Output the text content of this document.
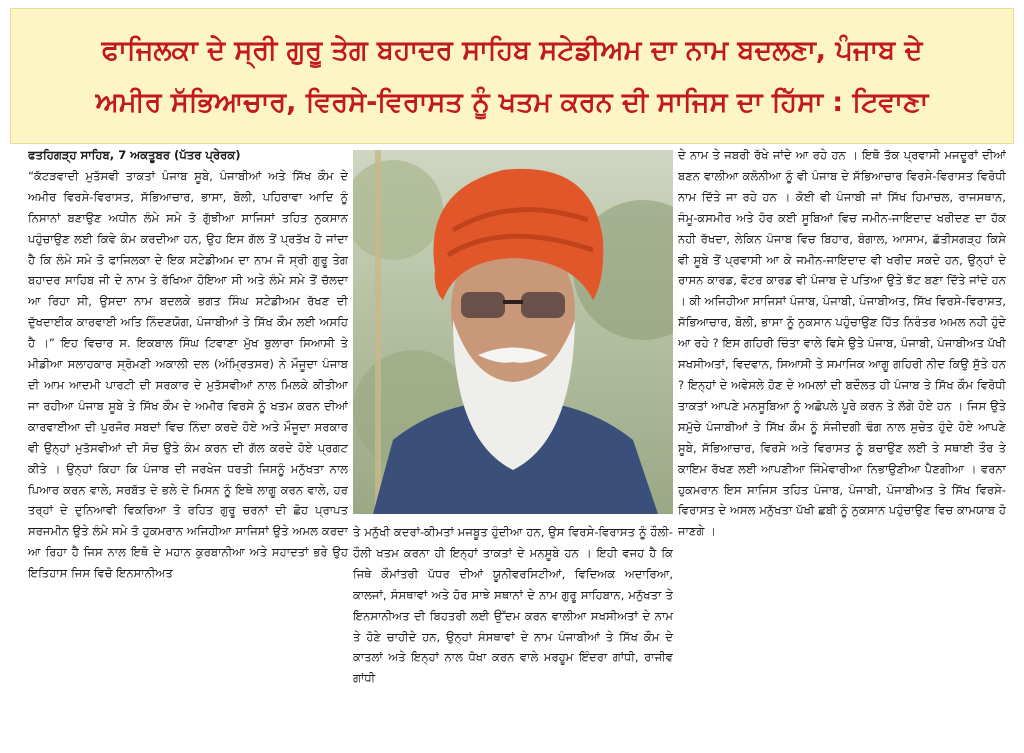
ਫਾਜਿਲਕਾ ਦੇ ਸ੍ਰੀ ਗੁਰੂ ਤੇਗ ਬਹਾਦਰ ਸਾਹਿਬ ਸਟੇਡੀਅਮ ਦਾ ਨਾਮ ਬਦਲਣਾ, ਪੰਜਾਬ ਦੇ
ਅਮੀਰ ਸੱਭਿਆਚਾਰ, ਵਿਰਸੇ-ਵਿਰਾਸਤ ਨੂੰ ਖਤਮ ਕਰਨ ਦੀ ਸਾਜਿਸ ਦਾ ਹਿੱਸਾ : ਟਿਵਾਣਾ
ਫਤਹਿਗੜ੍ਹ ਸਾਹਿਬ, 7 ਅਕਤੂਬਰ (ਪੱਤਰ ਪ੍ਰੇਰਕ)
“ਕੱਟੜਵਾਦੀ ਮੁਤੱਸਵੀ ਤਾਕਤਾਂ ਪੰਜਾਬ ਸੂਬੇ, ਪੰਜਾਬੀਆਂ ਅਤੇ ਸਿੱਖ ਕੌਮ ਦੇ ਅਮੀਰ ਵਿਰਸੇ-ਵਿਰਾਸਤ, ਸੱਭਿਆਚਾਰ, ਭਾਸਾ, ਬੋਲੀ, ਪਹਿਰਾਵਾ ਆਦਿ ਨੂੰ ਨਿਸਾਨਾਂ ਬਣਾਉਣ ਅਧੀਨ ਲੰਮੇ ਸਮੇ ਤੋ ਗੁੱਝੀਆ ਸਾਜਿਸਾਂ ਤਹਿਤ ਨੁਕਸਾਨ ਪਹੁੰਚਾਉਣ ਲਈ ਕਿਵੇ ਕੰਮ ਕਰਦੀਆ ਹਨ, ਉਹ ਇਸ ਗੱਲ ਤੋਂ ਪ੍ਰਤੱਖ ਹੋ ਜਾਂਦਾ ਹੈ ਕਿ ਲੰਮੇ ਸਮੇ ਤੋ ਫਾਜਿਲਕਾ ਦੇ ਇਕ ਸਟੇਡੀਅਮ ਦਾ ਨਾਮ ਜੋ ਸ੍ਰੀ ਗੁਰੂ ਤੇਗ ਬਹਾਦਰ ਸਾਹਿਬ ਜੀ ਦੇ ਨਾਮ ਤੇ ਰੱਖਿਆ ਹੋਇਆ ਸੀ ਅਤੇ ਲੰਮੇ ਸਮੇ ਤੋਂ ਚੱਲਦਾ ਆ ਰਿਹਾ ਸੀ, ਉਸਦਾ ਨਾਮ ਬਦਲਕੇ ਭਗਤ ਸਿੰਘ ਸਟੇਡੀਅਮ ਰੱਖਣ ਦੀ ਦੁੱਖਦਾਈਕ ਕਾਰਵਾਈ ਅਤਿ ਨਿੰਦਣਯੋਗ, ਪੰਜਾਬੀਆਂ ਤੇ ਸਿੱਖ ਕੌਮ ਲਈ ਅਸਹਿ ਹੈ ।” ਇਹ ਵਿਚਾਰ ਸ. ਇਕਬਾਲ ਸਿੰਘ ਟਿਵਾਣਾ ਮੁੱਖ ਬੁਲਾਰਾ ਸਿਆਸੀ ਤੇ ਮੀਡੀਆ ਸਲਾਹਕਾਰ ਸ੍ਰੋਮਣੀ ਅਕਾਲੀ ਦਲ (ਅੰਮ੍ਰਿਤਸਰ) ਨੇ ਮੌਜੂਦਾ ਪੰਜਾਬ ਦੀ ਆਮ ਆਦਮੀ ਪਾਰਟੀ ਦੀ ਸਰਕਾਰ ਦੇ ਮੁਤੱਸਵੀਆਂ ਨਾਲ ਮਿਲਕੇ ਕੀਤੀਆ ਜਾ ਰਹੀਆ ਪੰਜਾਬ ਸੂਬੇ ਤੇ ਸਿੱਖ ਕੌਮ ਦੇ ਅਮੀਰ ਵਿਰਸੇ ਨੂੰ ਖਤਮ ਕਰਨ ਦੀਆਂ ਕਾਰਵਾਈਆ ਦੀ ਪੁਰਜੋਰ ਸਬਦਾਂ ਵਿਚ ਨਿੰਦਾ ਕਰਦੇ ਹੋਏ ਅਤੇ ਮੌਜੂਦਾ ਸਰਕਾਰ ਵੀ ਉਨ੍ਹਾਂ ਮੁਤੱਸਵੀਆਂ ਦੀ ਸੋਚ ਉਤੇ ਕੰਮ ਕਰਨ ਦੀ ਗੱਲ ਕਰਦੇ ਹੋਏ ਪ੍ਰਗਟ ਕੀਤੇ । ਉਨ੍ਹਾਂ ਕਿਹਾ ਕਿ ਪੰਜਾਬ ਦੀ ਜਰਖੇਜ ਧਰਤੀ ਜਿਸਨੂੰ ਮਨੁੱਖਤਾ ਨਾਲ ਪਿਆਰ ਕਰਨ ਵਾਲੇ, ਸਰਬੱਤ ਦੇ ਭਲੇ ਦੇ ਮਿਸਨ ਨੂੰ ਇਥੇ ਲਾਗੂ ਕਰਨ ਵਾਲੇ, ਹਰ ਤਰ੍ਹਾਂ ਦੇ ਦੁਨਿਆਵੀ ਵਿਕਰਿਆ ਤੋ ਰਹਿਤ ਗੁਰੂ ਚਰਨਾਂ ਦੀ ਛੋਹ ਪ੍ਰਾਪਤ ਸਰਜਮੀਨ ਉਤੇ ਲੰਮੇ ਸਮੇ ਤੋ ਹੁਕਮਰਾਨ ਅਜਿਹੀਆ ਸਾਜਿਸਾਂ ਉਤੇ ਅਮਲ ਕਰਦਾ ਆ ਰਿਹਾ ਹੈ ਜਿਸ ਨਾਲ ਇਥੋ ਦੇ ਮਹਾਨ ਕੁਰਬਾਨੀਆ ਅਤੇ ਸਹਾਦਤਾਂ ਭਰੇ ਉਹ ਇਤਿਹਾਸ ਜਿਸ ਵਿਚੋ ਇਨਸਾਨੀਅਤ
ਤੇ ਮਨੁੱਖੀ ਕਦਰਾਂ-ਕੀਮਤਾਂ ਮਜਬੂਤ ਹੁੰਦੀਆ ਹਨ, ਉਸ ਵਿਰਸੇ-ਵਿਰਾਸਤ ਨੂੰ ਹੌਲੀ-ਹੌਲੀ ਖਤਮ ਕਰਨਾ ਹੀ ਇਨ੍ਹਾਂ ਤਾਕਤਾਂ ਦੇ ਮਨਸੂਬੇ ਹਨ । ਇਹੀ ਵਜਹ ਹੈ ਕਿ ਜਿਥੇ ਕੌਮਾਂਤਰੀ ਪੱਧਰ ਦੀਆਂ ਯੂਨੀਵਰਸਿਟੀਆਂ, ਵਿਦਿਅਕ ਅਦਾਰਿਆ, ਕਾਲਜਾਂ, ਸੰਸਥਾਵਾਂ ਅਤੇ ਹੋਰ ਸਾਝੇ ਸਥਾਨਾਂ ਦੇ ਨਾਮ ਗੁਰੂ ਸਾਹਿਬਾਨ, ਮਨੁੱਖਤਾ ਤੇ ਇਨਸਾਨੀਅਤ ਦੀ ਬਿਹਤਰੀ ਲਈ ਉੱਦਮ ਕਰਨ ਵਾਲੀਆ ਸਖਸੀਅਤਾਂ ਦੇ ਨਾਮ ਤੇ ਹੋਣੇ ਚਾਹੀਦੇ ਹਨ, ਉਨ੍ਹਾਂ ਸੰਸਥਾਵਾਂ ਦੇ ਨਾਮ ਪੰਜਾਬੀਆਂ ਤੇ ਸਿੱਖ ਕੌਮ ਦੇ ਕਾਤਲਾਂ ਅਤੇ ਇਨ੍ਹਾਂ ਨਾਲ ਧੋਖਾ ਕਰਨ ਵਾਲੇ ਮਰਹੂਮ ਇੰਦਰਾ ਗਾਂਧੀ, ਰਾਜੀਵ ਗਾਂਧੀ
ਦੇ ਨਾਮ ਤੇ ਜਬਰੀ ਰੱਖੇ ਜਾਂਦੇ ਆ ਰਹੇ ਹਨ । ਇਥੋ ਤੱਕ ਪ੍ਰਵਾਸੀ ਮਜਦੂਰਾਂ ਦੀਆਂ ਬਣਨ ਵਾਲੀਆ ਕਲੋਨੀਆ ਨੂੰ ਵੀ ਪੰਜਾਬ ਦੇ ਸੱਭਿਆਚਾਰ ਵਿਰਸੇ-ਵਿਰਾਸਤ ਵਿਰੋਧੀ ਨਾਮ ਦਿੱਤੇ ਜਾ ਰਹੇ ਹਨ । ਕੋਈ ਵੀ ਪੰਜਾਬੀ ਜਾਂ ਸਿੱਖ ਹਿਮਾਚਲ, ਰਾਜਸਥਾਨ, ਜੰਮੂ-ਕਸਮੀਰ ਅਤੇ ਹੋਰ ਕਈ ਸੂਬਿਆਂ ਵਿਚ ਜਮੀਨ-ਜਾਇਦਾਦ ਖਰੀਦਣ ਦਾ ਹੱਕ ਨਹੀ ਰੱਖਦਾ, ਲੇਕਿਨ ਪੰਜਾਬ ਵਿਚ ਬਿਹਾਰ, ਬੰਗਾਲ, ਆਸਾਮ, ਛੱਤੀਸਗੜ੍ਹ ਕਿਸੇ ਵੀ ਸੂਬੇ ਤੋਂ ਪ੍ਰਵਾਸੀ ਆ ਕੇ ਜਮੀਨ-ਜਾਇਦਾਦ ਵੀ ਖਰੀਦ ਸਕਦੇ ਹਨ, ਉਨ੍ਹਾਂ ਦੇ ਰਾਸਨ ਕਾਰਡ, ਵੋਟਰ ਕਾਰਡ ਵੀ ਪੰਜਾਬ ਦੇ ਪਤਿਆ ਉਤੇ ਝੱਟ ਬਣਾ ਦਿੱਤੇ ਜਾਂਦੇ ਹਨ । ਕੀ ਅਜਿਹੀਆ ਸਾਜਿਸਾਂ ਪੰਜਾਬ, ਪੰਜਾਬੀ, ਪੰਜਾਬੀਅਤ, ਸਿੱਖ ਵਿਰਸੇ-ਵਿਰਾਸਤ, ਸੱਭਿਆਚਾਰ, ਬੋਲੀ, ਭਾਸਾ ਨੂੰ ਨੁਕਸਾਨ ਪਹੁੰਚਾਉਣ ਹਿੱਤ ਨਿਰੰਤਰ ਅਮਲ ਨਹੀ ਹੁੰਦੇ ਆ ਰਹੇ ? ਇਸ ਗਹਿਰੀ ਚਿੰਤਾ ਵਾਲੇ ਵਿਸੇ ਉਤੇ ਪੰਜਾਬ, ਪੰਜਾਬੀ, ਪੰਜਾਬੀਅਤ ਪੱਖੀ ਸਖਸੀਅਤਾਂ, ਵਿਦਵਾਨ, ਸਿਆਸੀ ਤੇ ਸਮਾਜਿਕ ਆਗੂ ਗਹਿਰੀ ਨੀਦ ਕਿਉ ਸੁੱਤੇ ਹਨ ? ਇਨ੍ਹਾਂ ਦੇ ਅਵੇਸਲੇ ਹੋਣ ਦੇ ਅਮਲਾਂ ਦੀ ਬਦੌਲਤ ਹੀ ਪੰਜਾਬ ਤੇ ਸਿੱਖ ਕੌਮ ਵਿਰੋਧੀ ਤਾਕਤਾਂ ਆਪਣੇ ਮਨਸੂਬਿਆ ਨੂੰ ਅਛੋਪਲੇ ਪੂਰੇ ਕਰਨ ਤੇ ਲੱਗੇ ਹੋਏ ਹਨ । ਜਿਸ ਉਤੇ ਸਮੁੱਚੇ ਪੰਜਾਬੀਆਂ ਤੇ ਸਿੱਖ ਕੌਮ ਨੂੰ ਸੰਜੀਦਗੀ ਢੰਗ ਨਾਲ ਸੁਚੇਤ ਹੁੰਦੇ ਹੋਏ ਆਪਣੇ ਸੂਬੇ, ਸੱਭਿਆਚਾਰ, ਵਿਰਸੇ ਅਤੇ ਵਿਰਾਸਤ ਨੂੰ ਬਚਾਉਣ ਲਈ ਤੇ ਸਥਾਈ ਤੌਰ ਤੇ ਕਾਇਮ ਰੱਖਣ ਲਈ ਆਪਣੀਆ ਜਿੰਮੇਵਾਰੀਆ ਨਿਭਾਉਣੀਆ ਪੈਣਗੀਆ । ਵਰਨਾ ਹੁਕਮਰਾਨ ਇਸ ਸਾਜਿਸ ਤਹਿਤ ਪੰਜਾਬ, ਪੰਜਾਬੀ, ਪੰਜਾਬੀਅਤ ਤੇ ਸਿੱਖ ਵਿਰਸੇ-ਵਿਰਾਸਤ ਦੇ ਅਸਲ ਮਨੁੱਖਤਾ ਪੱਖੀ ਛਬੀ ਨੂੰ ਨੁਕਸਾਨ ਪਹੁੰਚਾਉਣ ਵਿਚ ਕਾਮਯਾਬ ਹੋ ਜਾਣਗੇ ।
